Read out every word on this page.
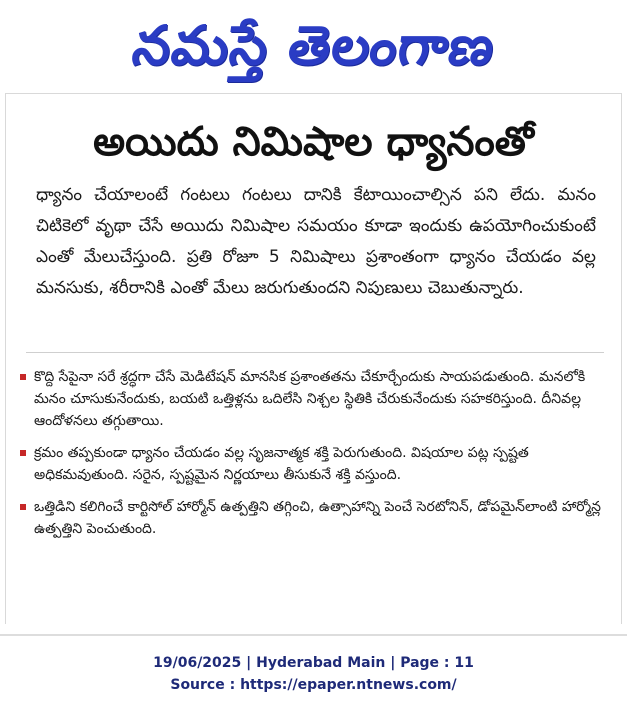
నమస్తే తెలంగాణ
అయిదు నిమిషాల ధ్యానంతో

ధ్యానం చేయాలంటే గంటలు గంటలు దానికి కేటాయించాల్సిన పని లేదు. మనం చిటికెలో వృథా చేసే అయిదు నిమిషాల సమయం కూడా ఇందుకు ఉపయోగించుకుంటే ఎంతో మేలుచేస్తుంది. ప్రతి రోజూ 5 నిమిషాలు ప్రశాంతంగా ధ్యానం చేయడం వల్ల మనసుకు, శరీరానికి ఎంతో మేలు జరుగుతుందని నిపుణులు చెబుతున్నారు.

కొద్ది సేపైనా సరే శ్రద్ధగా చేసే మెడిటేషన్ మానసిక ప్రశాంతతను చేకూర్చేందుకు సాయపడుతుంది. మనలోకి మనం చూసుకునేందుకు, బయటి ఒత్తిళ్లను ఒదిలేసి నిశ్చల స్థితికి చేరుకునేందుకు సహకరిస్తుంది. దీనివల్ల ఆందోళనలు తగ్గుతాయి.
క్రమం తప్పకుండా ధ్యానం చేయడం వల్ల సృజనాత్మక శక్తి పెరుగుతుంది. విషయాల పట్ల స్పష్టత అధికమవుతుంది. సరైన, స్పష్టమైన నిర్ణయాలు తీసుకునే శక్తి వస్తుంది.
ఒత్తిడిని కలిగించే కార్టిసోల్ హార్మోన్ ఉత్పత్తిని తగ్గించి, ఉత్సాహాన్ని పెంచే సెరటోనిన్, డోపమైన్‌లాంటి హార్మోన్ల ఉత్పత్తిని పెంచుతుంది.
19/06/2025 | Hyderabad Main | Page : 11
Source : https://epaper.ntnews.com/
